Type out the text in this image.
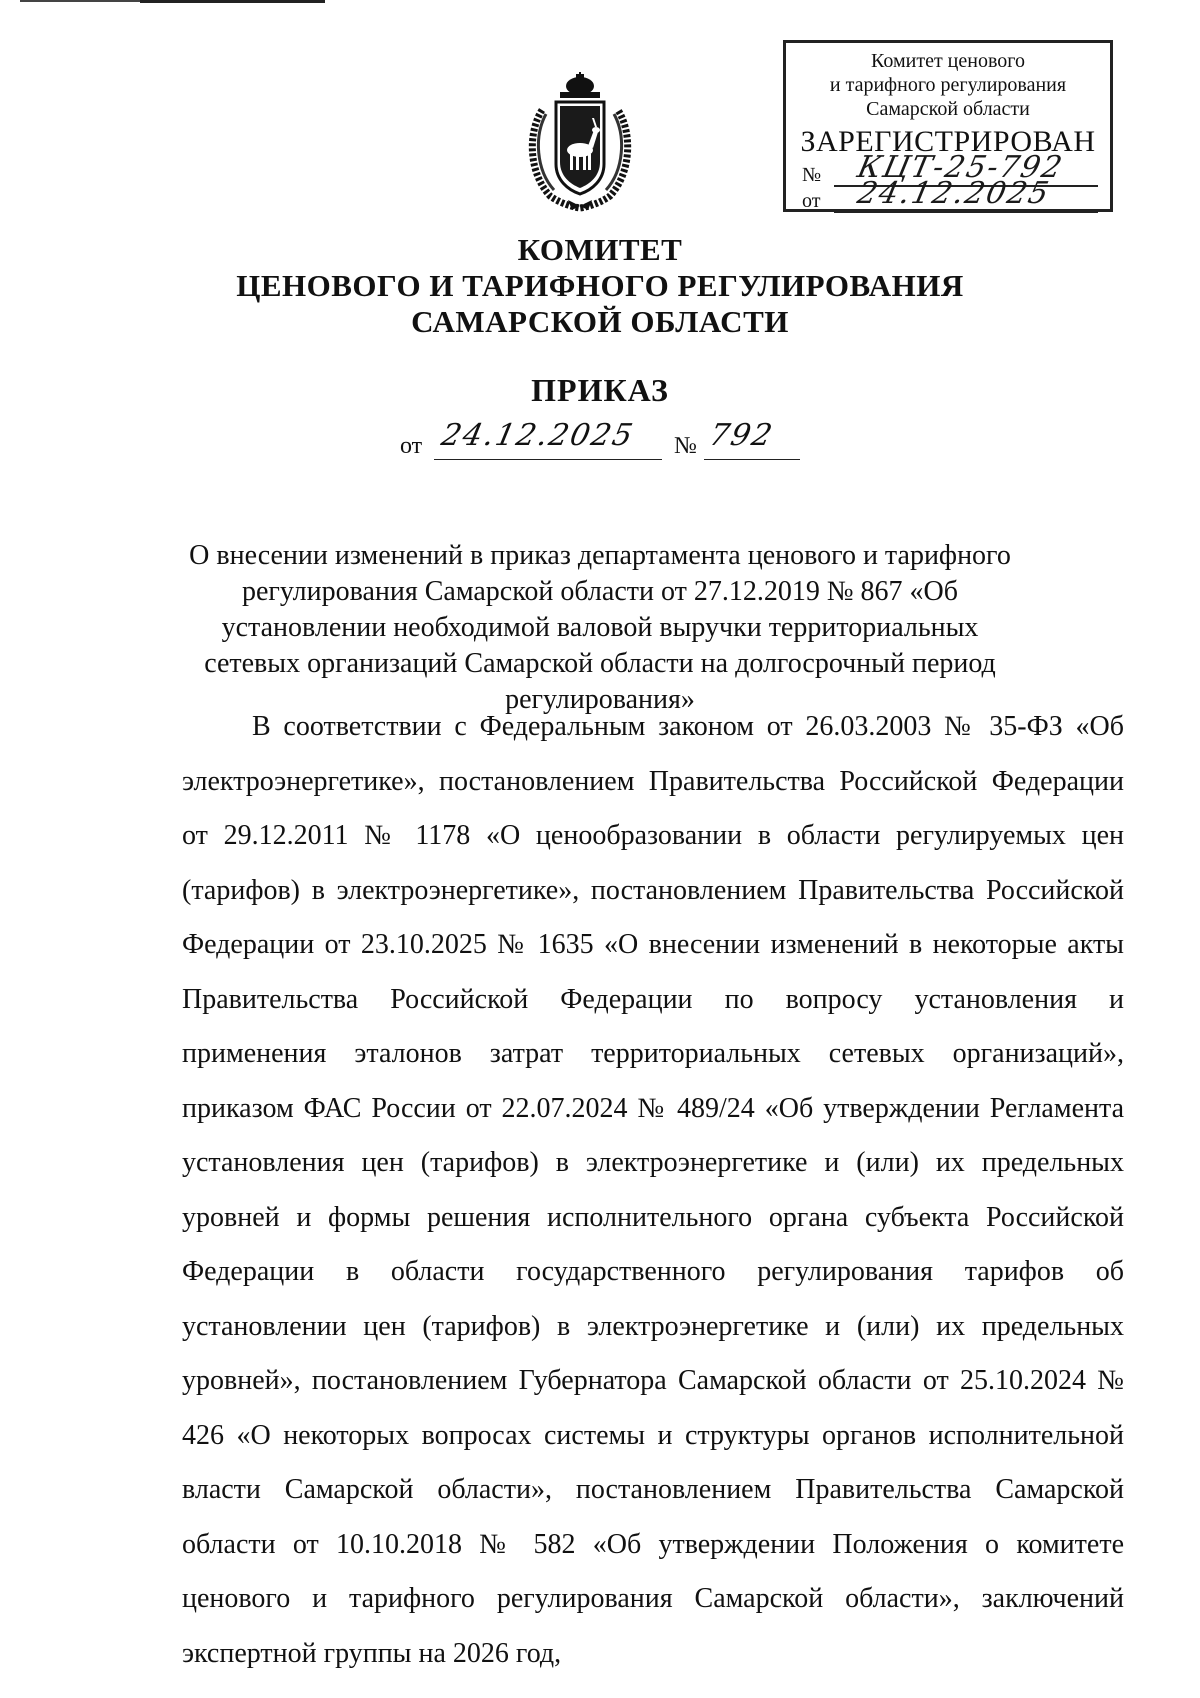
Комитет ценового
и тарифного регулирования
Самарской области
ЗАРЕГИСТРИРОВАН
№ КЦТ-25-792
от 24.12.2025
КОМИТЕТ
ЦЕНОВОГО И ТАРИФНОГО РЕГУЛИРОВАНИЯ
САМАРСКОЙ ОБЛАСТИ
ПРИКАЗ
от 24.12.2025 № 792
О внесении изменений в приказ департамента ценового и тарифного регулирования Самарской области от 27.12.2019 № 867 «Об установлении необходимой валовой выручки территориальных сетевых организаций Самарской области на долгосрочный период регулирования»

В соответствии с Федеральным законом от 26.03.2003 № 35-ФЗ «Об электроэнергетике», постановлением Правительства Российской Федерации от 29.12.2011 № 1178 «О ценообразовании в области регулируемых цен (тарифов) в электроэнергетике», постановлением Правительства Российской Федерации от 23.10.2025 № 1635 «О внесении изменений в некоторые акты Правительства Российской Федерации по вопросу установления и применения эталонов затрат территориальных сетевых организаций», приказом ФАС России от 22.07.2024 № 489/24 «Об утверждении Регламента установления цен (тарифов) в электроэнергетике и (или) их предельных уровней и формы решения исполнительного органа субъекта Российской Федерации в области государственного регулирования тарифов об установлении цен (тарифов) в электроэнергетике и (или) их предельных уровней», постановлением Губернатора Самарской области от 25.10.2024 № 426 «О некоторых вопросах системы и структуры органов исполнительной власти Самарской области», постановлением Правительства Самарской области от 10.10.2018 № 582 «Об утверждении Положения о комитете ценового и тарифного регулирования Самарской области», заключений экспертной группы на 2026 год,
